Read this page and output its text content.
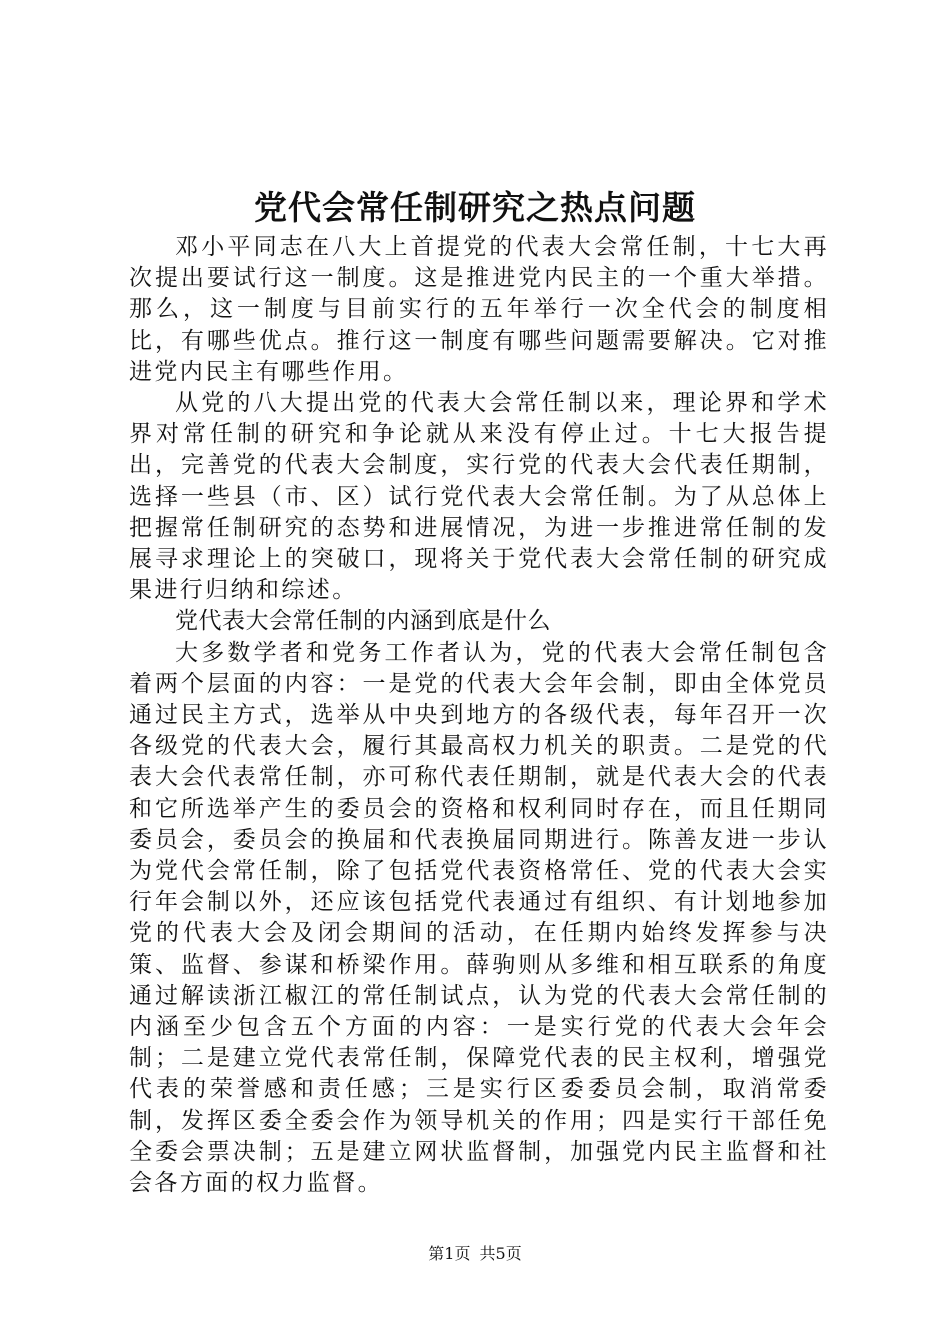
党代会常任制研究之热点问题

邓小平同志在八大上首提党的代表大会常任制，十七大再次提出要试行这一制度。这是推进党内民主的一个重大举措。那么，这一制度与目前实行的五年举行一次全代会的制度相比，有哪些优点。推行这一制度有哪些问题需要解决。它对推进党内民主有哪些作用。

从党的八大提出党的代表大会常任制以来，理论界和学术界对常任制的研究和争论就从来没有停止过。十七大报告提出，完善党的代表大会制度，实行党的代表大会代表任期制，选择一些县（市、区）试行党代表大会常任制。为了从总体上把握常任制研究的态势和进展情况，为进一步推进常任制的发展寻求理论上的突破口，现将关于党代表大会常任制的研究成果进行归纳和综述。

党代表大会常任制的内涵到底是什么

大多数学者和党务工作者认为，党的代表大会常任制包含着两个层面的内容：一是党的代表大会年会制，即由全体党员通过民主方式，选举从中央到地方的各级代表，每年召开一次各级党的代表大会，履行其最高权力机关的职责。二是党的代表大会代表常任制，亦可称代表任期制，就是代表大会的代表和它所选举产生的委员会的资格和权利同时存在，而且任期同委员会，委员会的换届和代表换届同期进行。陈善友进一步认为党代会常任制，除了包括党代表资格常任、党的代表大会实行年会制以外，还应该包括党代表通过有组织、有计划地参加党的代表大会及闭会期间的活动，在任期内始终发挥参与决策、监督、参谋和桥梁作用。薛驹则从多维和相互联系的角度通过解读浙江椒江的常任制试点，认为党的代表大会常任制的内涵至少包含五个方面的内容：一是实行党的代表大会年会制；二是建立党代表常任制，保障党代表的民主权利，增强党代表的荣誉感和责任感；三是实行区委委员会制，取消常委制，发挥区委全委会作为领导机关的作用；四是实行干部任免全委会票决制；五是建立网状监督制，加强党内民主监督和社会各方面的权力监督。

第1页 共5页
